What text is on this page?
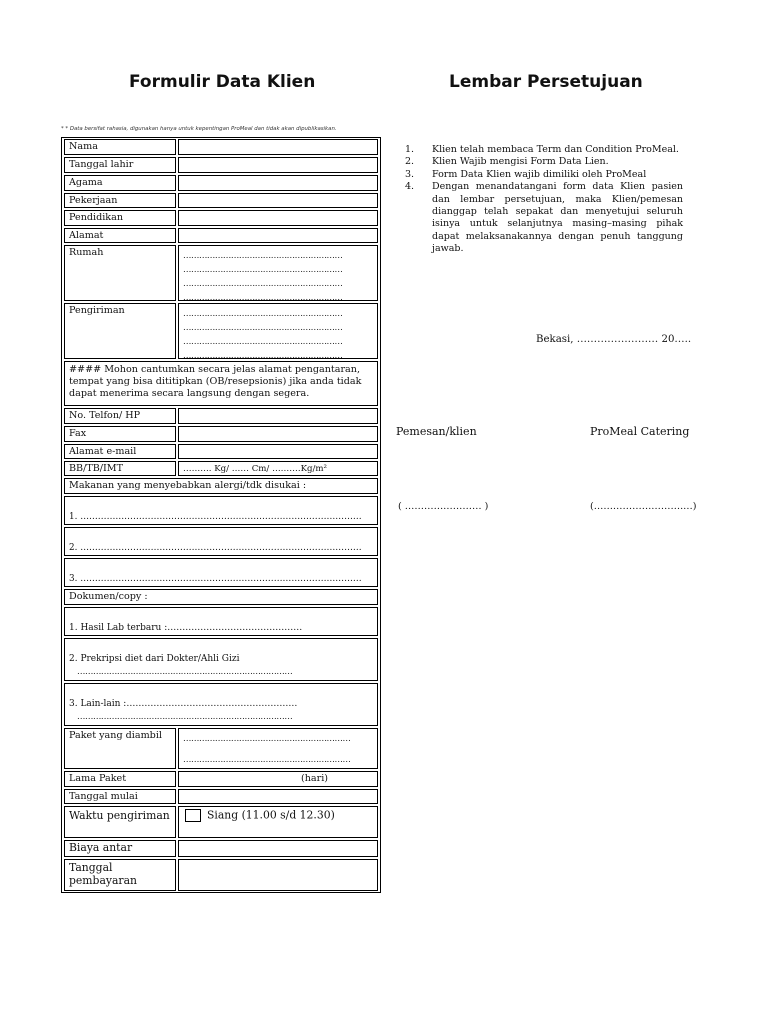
Formulir Data Klien	Lembar Persetujuan
* * Data bersifat rahasia, digunakan hanya untuk kepentingan ProMeal dan tidak akan dipublikasikan.
Nama
Tanggal lahir
Agama
Pekerjaan
Pendidikan
Alamat
Rumah	……………………………………………………
……………………………………………………
……………………………………………………
……………………………………………………
Pengiriman	……………………………………………………
……………………………………………………
……………………………………………………
……………………………………………………
#### Mohon cantumkan secara jelas alamat pengantaran, tempat yang bisa dititipkan (OB/resepsionis) jika anda tidak dapat menerima secara langsung dengan segera.
No. Telfon/ HP
Fax
Alamat e-mail
BB/TB/IMT	………. Kg/ …… Cm/ ……….Kg/m²
Makanan yang menyebabkan alergi/tdk disukai :
1. ……………………………………………………………………………………
2. ……………………………………………………………………………………
3. ……………………………………………………………………………………
Dokumen/copy :
1. Hasil Lab terbaru :………………………………………
2. Prekripsi diet dari Dokter/Ahli Gizi
………………………………………………………………………
3. Lain-lain :…………………………………………………
………………………………………………………………………
Paket yang diambil	………………………………………………………
………………………………………………………
Lama Paket	(hari)
Tanggal mulai
Waktu pengiriman	Siang (11.00 s/d 12.30)
Biaya antar
Tanggal pembayaran
1. Klien telah membaca Term dan Condition ProMeal.
2. Klien Wajib mengisi Form Data Lien.
3. Form Data Klien wajib dimiliki oleh ProMeal
4. Dengan menandatangani form data Klien pasien dan lembar persetujuan, maka Klien/pemesan dianggap telah sepakat dan menyetujui seluruh isinya untuk selanjutnya masing–masing pihak dapat melaksanakannya dengan penuh tanggung jawab.
Bekasi, …………………… 20…..
Pemesan/klien	ProMeal Catering
( …………………… )	(……………………….…)
